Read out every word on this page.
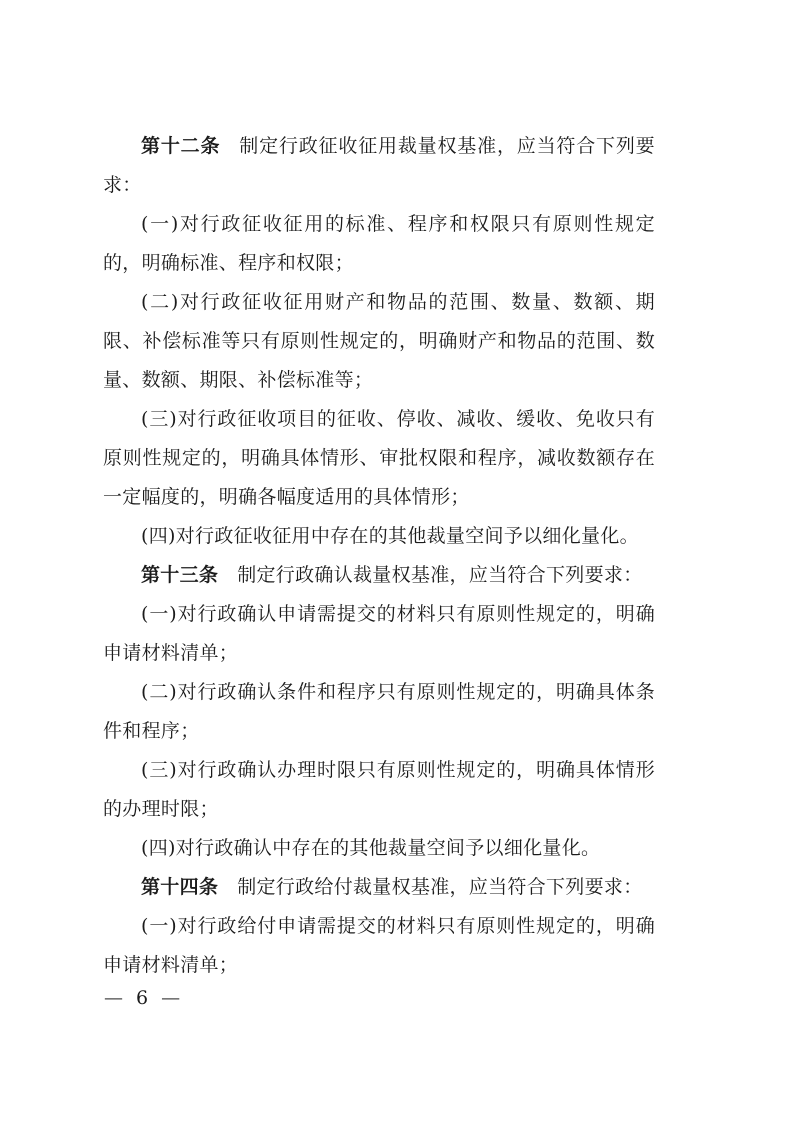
第十二条 制定行政征收征用裁量权基准，应当符合下列要求：
(一)对行政征收征用的标准、程序和权限只有原则性规定的，明确标准、程序和权限；
(二)对行政征收征用财产和物品的范围、数量、数额、期限、补偿标准等只有原则性规定的，明确财产和物品的范围、数量、数额、期限、补偿标准等；
(三)对行政征收项目的征收、停收、减收、缓收、免收只有原则性规定的，明确具体情形、审批权限和程序，减收数额存在一定幅度的，明确各幅度适用的具体情形；
(四)对行政征收征用中存在的其他裁量空间予以细化量化。
第十三条 制定行政确认裁量权基准，应当符合下列要求：
(一)对行政确认申请需提交的材料只有原则性规定的，明确申请材料清单；
(二)对行政确认条件和程序只有原则性规定的，明确具体条件和程序；
(三)对行政确认办理时限只有原则性规定的，明确具体情形的办理时限；
(四)对行政确认中存在的其他裁量空间予以细化量化。
第十四条 制定行政给付裁量权基准，应当符合下列要求：
(一)对行政给付申请需提交的材料只有原则性规定的，明确申请材料清单；
— 6 —
